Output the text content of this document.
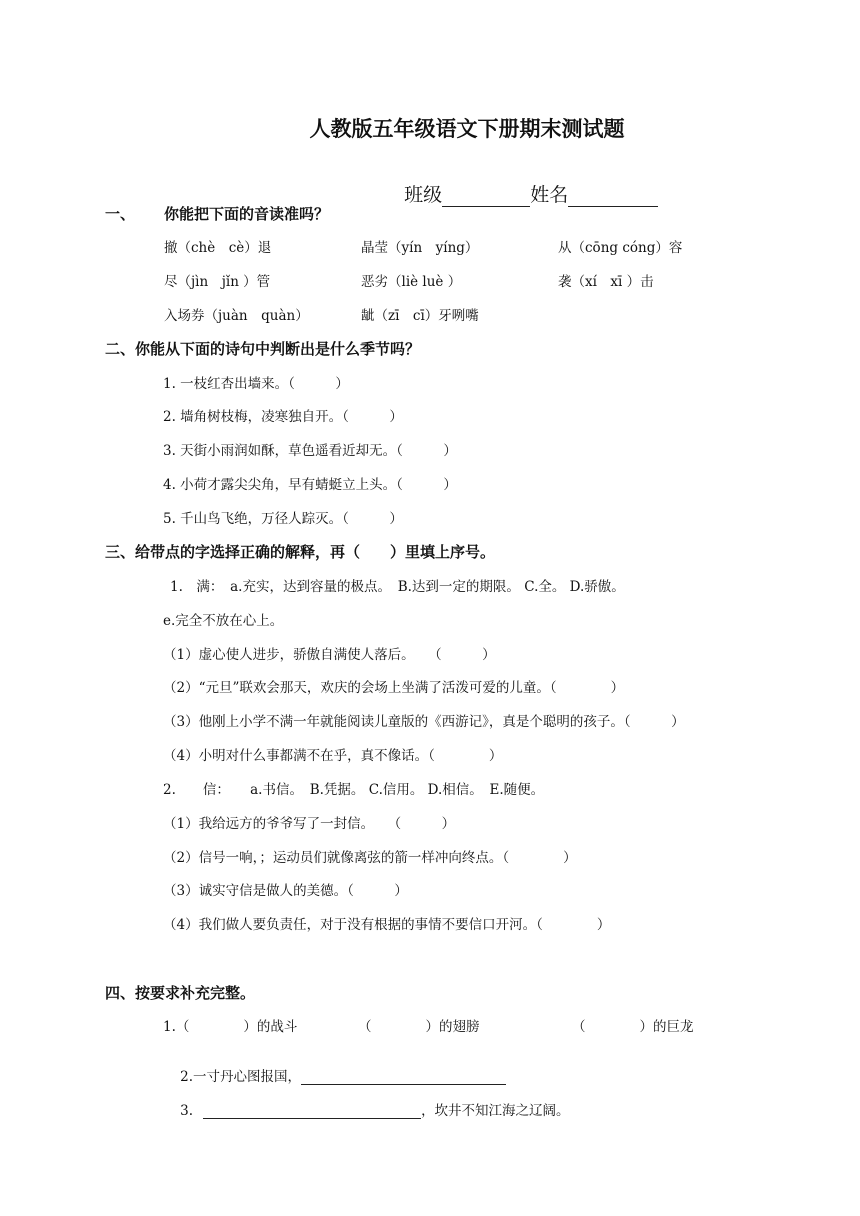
人教版五年级语文下册期末测试题

班级	姓名

一、 你能把下面的音读准吗？
撤（chè　cè）退	晶莹（yín　yíng）	从（cōng cóng）容
尽（jìn　jǐn ）管	恶劣（liè luè ）	袭（xí　xī ）击
入场券（juàn　quàn）	龇（zī　cī）牙咧嘴
二、你能从下面的诗句中判断出是什么季节吗？
1. 一枝红杏出墙来。（　　　）
2. 墙角树枝梅，凌寒独自开。（　　　）
3. 天街小雨润如酥，草色遥看近却无。（　　　）
4. 小荷才露尖尖角，早有蜻蜓立上头。（　　　）
5. 千山鸟飞绝，万径人踪灭。（　　　）
三、给带点的字选择正确的解释，再（　　）里填上序号。
1.　满：　a.充实，达到容量的极点。　B.达到一定的期限。 C.全。 D.骄傲。
e.完全不放在心上。
（1）虚心使人进步，骄傲自满使人落后。　　（　　　）
（2）“元旦”联欢会那天，欢庆的会场上坐满了活泼可爱的儿童。（　　　　）
（3）他刚上小学不满一年就能阅读儿童版的《西游记》，真是个聪明的孩子。（　　　）
（4）小明对什么事都满不在乎，真不像话。（　　　　）
2.　　信：　　a.书信。　B.凭据。 C.信用。 D.相信。　E.随便。
（1）我给远方的爷爷写了一封信。　　（　　　）
（2）信号一响，；运动员们就像离弦的箭一样冲向终点。（　　　　）
（3）诚实守信是做人的美德。（　　　）
（4）我们做人要负责任，对于没有根据的事情不要信口开河。（　　　　）
四、按要求补充完整。
1.（　　　　）的战斗	（　　　　）的翅膀	（　　　　）的巨龙

2.一寸丹心图报国，

3.	，坎井不知江海之辽阔。
